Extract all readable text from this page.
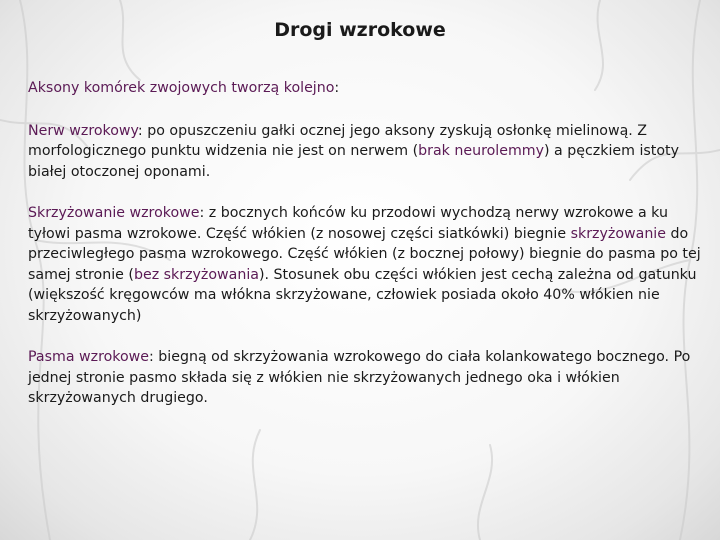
Drogi wzrokowe

Aksony komórek zwojowych tworzą kolejno:

Nerw wzrokowy: po opuszczeniu gałki ocznej jego aksony zyskują osłonkę mielinową. Z morfologicznego punktu widzenia nie jest on nerwem (brak neurolemmy) a pęczkiem istoty białej otoczonej oponami.

Skrzyżowanie wzrokowe: z bocznych końców ku przodowi wychodzą nerwy wzrokowe a ku tyłowi pasma wzrokowe. Część włókien (z nosowej części siatkówki) biegnie skrzyżowanie do przeciwległego pasma wzrokowego. Część włókien (z bocznej połowy) biegnie do pasma po tej samej stronie (bez skrzyżowania). Stosunek obu części włókien jest cechą zależna od gatunku (większość kręgowców ma włókna skrzyżowane, człowiek posiada około 40% włókien nie skrzyżowanych)

Pasma wzrokowe: biegną od skrzyżowania wzrokowego do ciała kolankowatego bocznego. Po jednej stronie pasmo składa się z włókien nie skrzyżowanych jednego oka i włókien skrzyżowanych drugiego.
